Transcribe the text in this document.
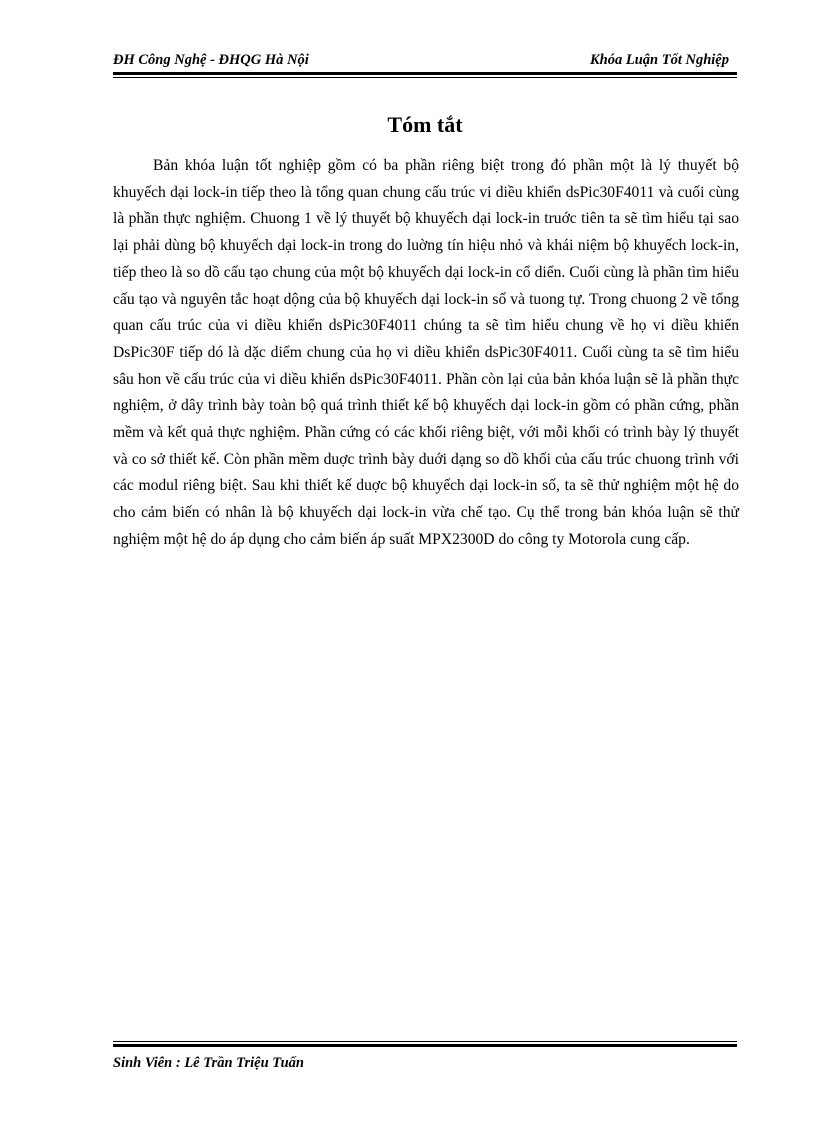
ĐH Công Nghệ - ĐHQG Hà Nội	Khóa Luận Tốt Nghiệp
Tóm tắt

Bản khóa luận tốt nghiệp gồm có ba phần riêng biệt trong đó phần một là lý thuyết bộ khuyếch dại lock-in tiếp theo là tổng quan chung cấu trúc vi diều khiển dsPic30F4011 và cuối cùng là phần thực nghiệm. Chuong 1 về lý thuyết bộ khuyếch dại lock-in truớc tiên ta sẽ tìm hiểu tại sao lại phải dùng bộ khuyếch dại lock-in trong do luờng tín hiệu nhỏ và khái niệm bộ khuyếch lock-in, tiếp theo là so dồ cấu tạo chung của một bộ khuyếch dại lock-in cổ diển. Cuối cùng là phần tìm hiểu cấu tạo và nguyên tắc hoạt dộng của bộ khuyếch dại lock-in số và tuong tự. Trong chuong 2 về tổng quan cấu trúc của vi diều khiển dsPic30F4011 chúng ta sẽ tìm hiểu chung về họ vi diều khiển DsPic30F tiếp dó là dặc diểm chung của họ vi diều khiển dsPic30F4011. Cuối cùng ta sẽ tìm hiểu sâu hon về cấu trúc của vi diều khiển dsPic30F4011. Phần còn lại của bản khóa luận sẽ là phần thực nghiệm, ở dây trình bày toàn bộ quá trình thiết kế bộ khuyếch dại lock-in gồm có phần cứng, phần mềm và kết quả thực nghiệm. Phần cứng có các khối riêng biệt, với mỗi khối có trình bày lý thuyết và co sở thiết kế. Còn phần mềm duợc trình bày duới dạng so dồ khối của cấu trúc chuong trình với các modul riêng biệt. Sau khi thiết kế duợc bộ khuyếch dại lock-in số, ta sẽ thử nghiệm một hệ do cho cảm biến có nhân là bộ khuyếch dại lock-in vừa chế tạo. Cụ thể trong bản khóa luận sẽ thử nghiệm một hệ do áp dụng cho cảm biến áp suất MPX2300D do công ty Motorola cung cấp.

Sinh Viên : Lê Trần Triệu Tuấn
